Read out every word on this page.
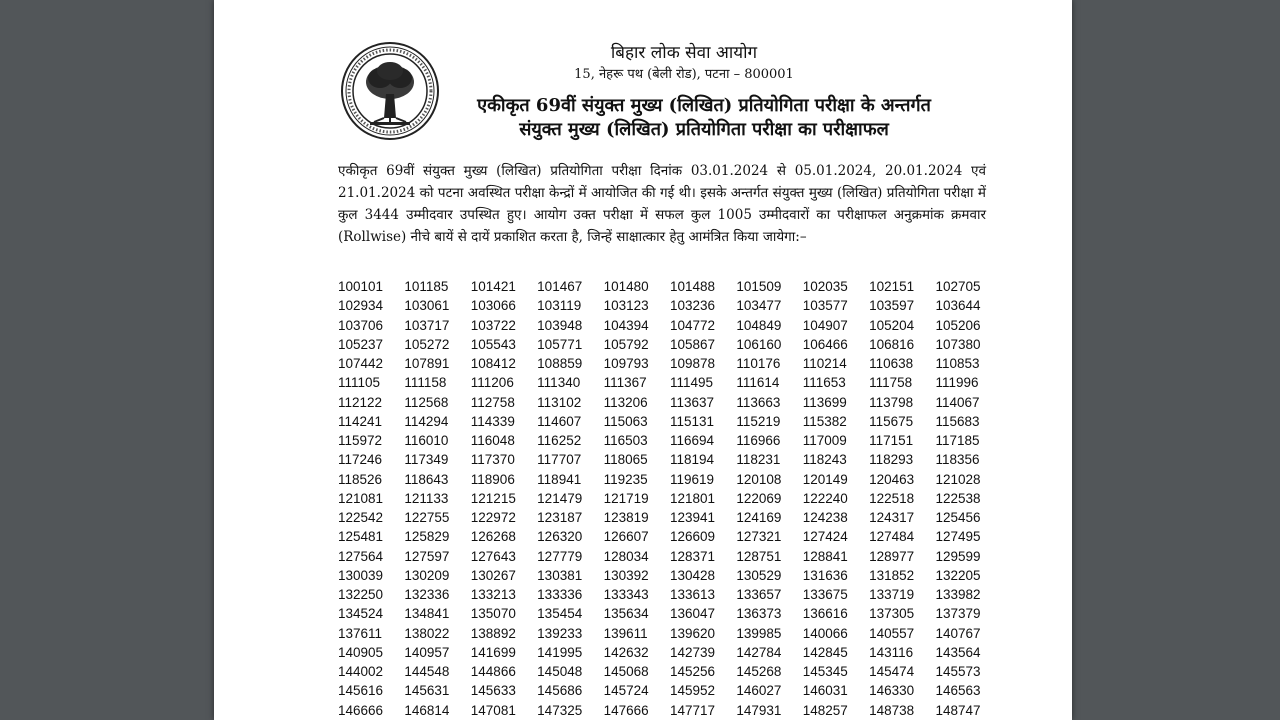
बिहार लोक सेवा आयोग
15, नेहरू पथ (बेली रोड), पटना – 800001
एकीकृत 69वीं संयुक्त मुख्य (लिखित) प्रतियोगिता परीक्षा के अन्तर्गत
संयुक्त मुख्य (लिखित) प्रतियोगिता परीक्षा का परीक्षाफल

एकीकृत 69वीं संयुक्त मुख्य (लिखित) प्रतियोगिता परीक्षा दिनांक 03.01.2024 से 05.01.2024, 20.01.2024 एवं 21.01.2024 को पटना अवस्थित परीक्षा केन्द्रों में आयोजित की गई थी। इसके अन्तर्गत संयुक्त मुख्य (लिखित) प्रतियोगिता परीक्षा में कुल 3444 उम्मीदवार उपस्थित हुए। आयोग उक्त परीक्षा में सफल कुल 1005 उम्मीदवारों का परीक्षाफल अनुक्रमांक क्रमवार (Rollwise) नीचे बायें से दायें प्रकाशित करता है, जिन्हें साक्षात्कार हेतु आमंत्रित किया जायेगा:–

100101	101185	101421	101467	101480	101488	101509	102035	102151	102705
102934	103061	103066	103119	103123	103236	103477	103577	103597	103644
103706	103717	103722	103948	104394	104772	104849	104907	105204	105206
105237	105272	105543	105771	105792	105867	106160	106466	106816	107380
107442	107891	108412	108859	109793	109878	110176	110214	110638	110853
111105	111158	111206	111340	111367	111495	111614	111653	111758	111996
112122	112568	112758	113102	113206	113637	113663	113699	113798	114067
114241	114294	114339	114607	115063	115131	115219	115382	115675	115683
115972	116010	116048	116252	116503	116694	116966	117009	117151	117185
117246	117349	117370	117707	118065	118194	118231	118243	118293	118356
118526	118643	118906	118941	119235	119619	120108	120149	120463	121028
121081	121133	121215	121479	121719	121801	122069	122240	122518	122538
122542	122755	122972	123187	123819	123941	124169	124238	124317	125456
125481	125829	126268	126320	126607	126609	127321	127424	127484	127495
127564	127597	127643	127779	128034	128371	128751	128841	128977	129599
130039	130209	130267	130381	130392	130428	130529	131636	131852	132205
132250	132336	133213	133336	133343	133613	133657	133675	133719	133982
134524	134841	135070	135454	135634	136047	136373	136616	137305	137379
137611	138022	138892	139233	139611	139620	139985	140066	140557	140767
140905	140957	141699	141995	142632	142739	142784	142845	143116	143564
144002	144548	144866	145048	145068	145256	145268	145345	145474	145573
145616	145631	145633	145686	145724	145952	146027	146031	146330	146563
146666	146814	147081	147325	147666	147717	147931	148257	148738	148747
